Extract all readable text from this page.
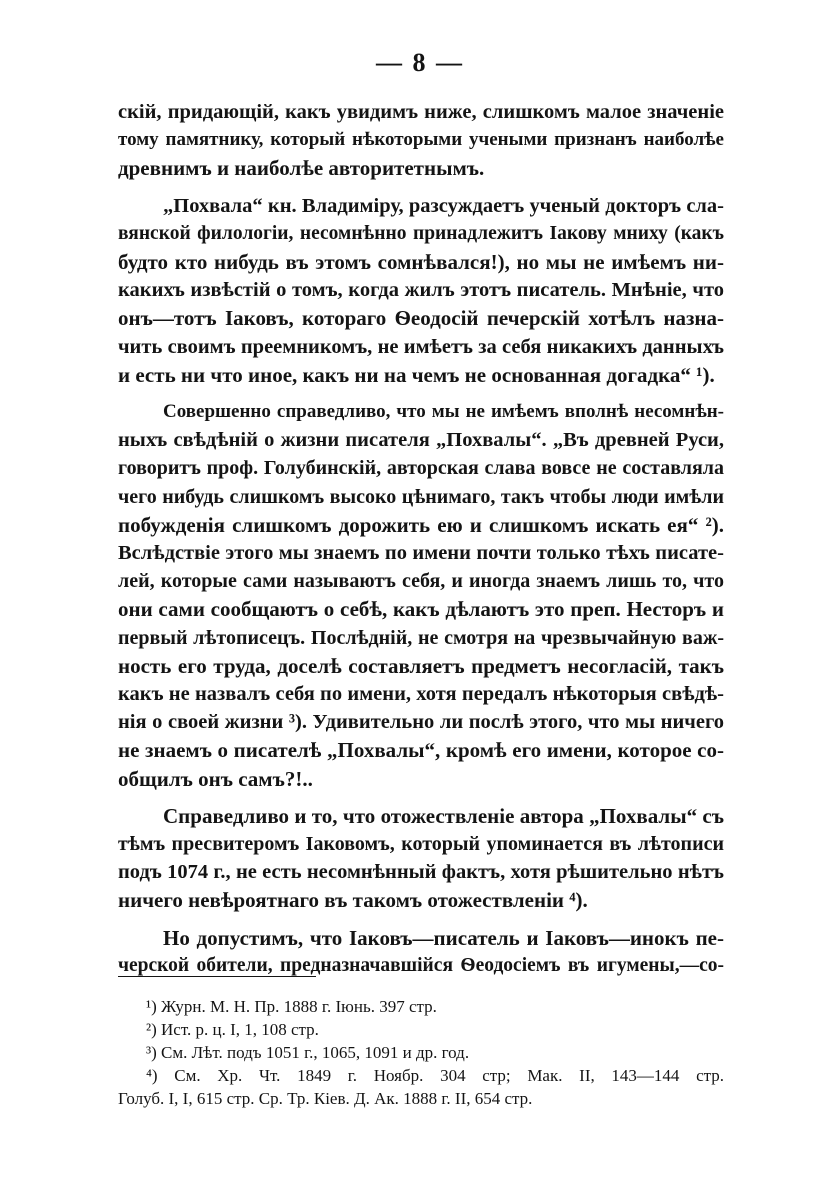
— 8 —
¹) Журн. М. Н. Пр. 1888 г. Іюнь. 397 стр.
²) Ист. р. ц. I, 1, 108 стр.
³) См. Лѣт. подъ 1051 г., 1065, 1091 и др. год.
⁴) См. Хр. Чт. 1849 г. Ноябр. 304 стр; Мак. II, 143—144 стр.
Голуб. I, I, 615 стр. Ср. Тр. Кіев. Д. Ак. 1888 г. II, 654 стр.
скій, придающій, какъ увидимъ ниже, слишкомъ малое значеніе
тому памятнику, который нѣкоторыми учеными признанъ наиболѣе
древнимъ и наиболѣе авторитетнымъ.
„Похвала“ кн. Владиміру, разсуждаетъ ученый докторъ сла-
вянской филологіи, несомнѣнно принадлежитъ Іакову мниху (какъ
будто кто нибудь въ этомъ сомнѣвался!), но мы не имѣемъ ни-
какихъ извѣстій о томъ, когда жилъ этотъ писатель. Мнѣніе, что
онъ—тотъ Іаковъ, котораго Ѳеодосій печерскій хотѣлъ назна-
чить своимъ преемникомъ, не имѣетъ за себя никакихъ данныхъ
и есть ни что иное, какъ ни на чемъ не основанная догадка“ ¹).
Совершенно справедливо, что мы не имѣемъ вполнѣ несомнѣн-
ныхъ свѣдѣній о жизни писателя „Похвалы“. „Въ древней Руси,
говоритъ проф. Голубинскій, авторская слава вовсе не составляла
чего нибудь слишкомъ высоко цѣнимаго, такъ чтобы люди имѣли
побужденія слишкомъ дорожить ею и слишкомъ искать ея“ ²).
Вслѣдствіе этого мы знаемъ по имени почти только тѣхъ писате-
лей, которые сами называютъ себя, и иногда знаемъ лишь то, что
они сами сообщаютъ о себѣ, какъ дѣлаютъ это преп. Несторъ и
первый лѣтописецъ. Послѣдній, не смотря на чрезвычайную важ-
ность его труда, доселѣ составляетъ предметъ несогласій, такъ
какъ не назвалъ себя по имени, хотя передалъ нѣкоторыя свѣдѣ-
нія о своей жизни ³). Удивительно ли послѣ этого, что мы ничего
не знаемъ о писателѣ „Похвалы“, кромѣ его имени, которое со-
общилъ онъ самъ?!..
Справедливо и то, что отожествленіе автора „Похвалы“ съ
тѣмъ пресвитеромъ Іаковомъ, который упоминается въ лѣтописи
подъ 1074 г., не есть несомнѣнный фактъ, хотя рѣшительно нѣтъ
ничего невѣроятнаго въ такомъ отожествленіи ⁴).
Но допустимъ, что Іаковъ—писатель и Іаковъ—инокъ пе-
черской обители, предназначавшійся Ѳеодосіемъ въ игумены,—со-
